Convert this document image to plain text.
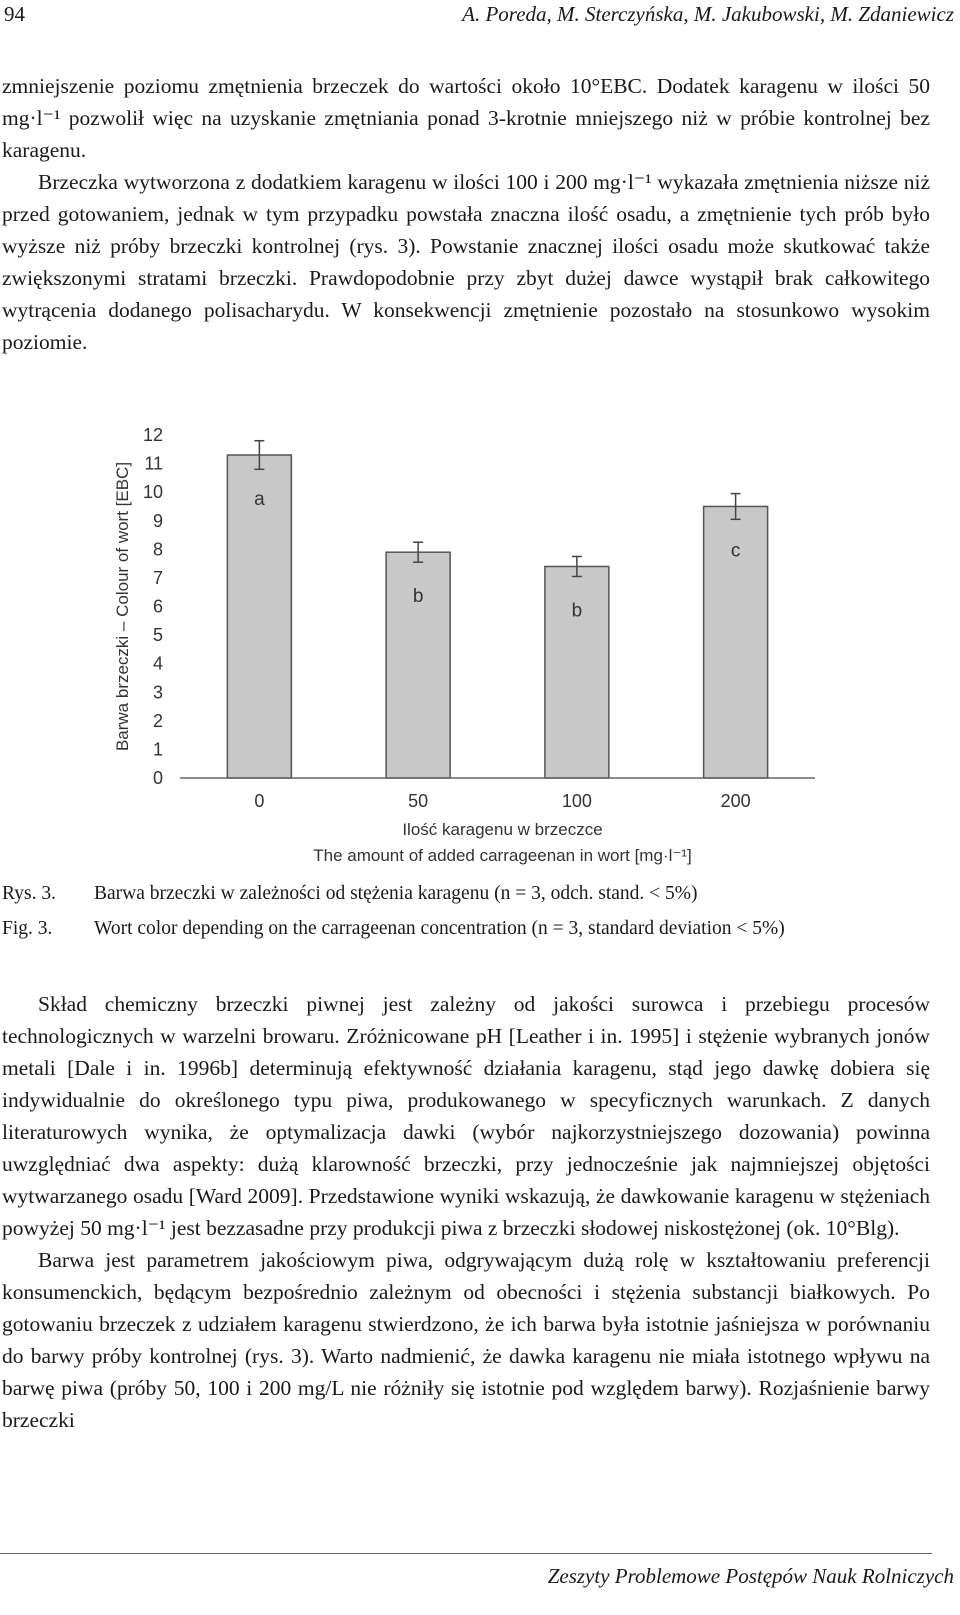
94	A. Poreda, M. Sterczyńska, M. Jakubowski, M. Zdaniewicz

zmniejszenie poziomu zmętnienia brzeczek do wartości około 10°EBC. Dodatek karagenu w ilości 50 mg·l⁻¹ pozwolił więc na uzyskanie zmętniania ponad 3-krotnie mniejszego niż w próbie kontrolnej bez karagenu.

Brzeczka wytworzona z dodatkiem karagenu w ilości 100 i 200 mg·l⁻¹ wykazała zmętnienia niższe niż przed gotowaniem, jednak w tym przypadku powstała znaczna ilość osadu, a zmętnienie tych prób było wyższe niż próby brzeczki kontrolnej (rys. 3). Powstanie znacznej ilości osadu może skutkować także zwiększonymi stratami brzeczki. Prawdopodobnie przy zbyt dużej dawce wystąpił brak całkowitego wytrącenia dodanego polisacharydu. W konsekwencji zmętnienie pozostało na stosunkowo wysokim poziomie.

0
1
2
3
4
5
6
7
8
9
10
11
12
a
b
b
c
0	50	100	200
Barwa brzeczki – Colour of wort [EBC]
Ilość karagenu w brzeczce
The amount of added carrageenan in wort [mg·l⁻¹]
Rys. 3. Barwa brzeczki w zależności od stężenia karagenu (n = 3, odch. stand. < 5%)
Fig. 3. Wort color depending on the carrageenan concentration (n = 3, standard deviation < 5%)

Skład chemiczny brzeczki piwnej jest zależny od jakości surowca i przebiegu procesów technologicznych w warzelni browaru. Zróżnicowane pH [Leather i in. 1995] i stężenie wybranych jonów metali [Dale i in. 1996b] determinują efektywność działania karagenu, stąd jego dawkę dobiera się indywidualnie do określonego typu piwa, produkowanego w specyficznych warunkach. Z danych literaturowych wynika, że optymalizacja dawki (wybór najkorzystniejszego dozowania) powinna uwzględniać dwa aspekty: dużą klarowność brzeczki, przy jednocześnie jak najmniejszej objętości wytwarzanego osadu [Ward 2009]. Przedstawione wyniki wskazują, że dawkowanie karagenu w stężeniach powyżej 50 mg·l⁻¹ jest bezzasadne przy produkcji piwa z brzeczki słodowej niskostężonej (ok. 10°Blg).

Barwa jest parametrem jakościowym piwa, odgrywającym dużą rolę w kształtowaniu preferencji konsumenckich, będącym bezpośrednio zależnym od obecności i stężenia substancji białkowych. Po gotowaniu brzeczek z udziałem karagenu stwierdzono, że ich barwa była istotnie jaśniejsza w porównaniu do barwy próby kontrolnej (rys. 3). Warto nadmienić, że dawka karagenu nie miała istotnego wpływu na barwę piwa (próby 50, 100 i 200 mg/L nie różniły się istotnie pod względem barwy). Rozjaśnienie barwy brzeczki

Zeszyty Problemowe Postępów Nauk Rolniczych
